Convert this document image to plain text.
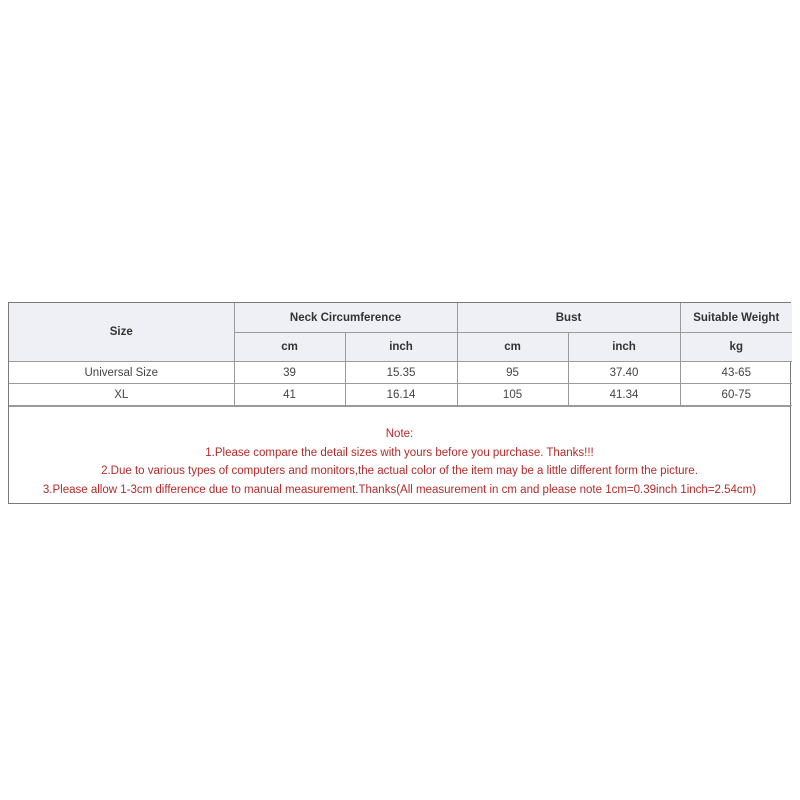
Size	Neck Circumference		Bust		Suitable Weight
	cm	inch	cm	inch	kg
Universal Size	39	15.35	95	37.40	43-65
XL	41	16.14	105	41.34	60-75

Note:

1.Please compare the detail sizes with yours before you purchase. Thanks!!!

2.Due to various types of computers and monitors,the actual color of the item may be a little different form the picture.

3.Please allow 1-3cm difference due to manual measurement.Thanks(All measurement in cm and please note 1cm=0.39inch 1inch=2.54cm)
